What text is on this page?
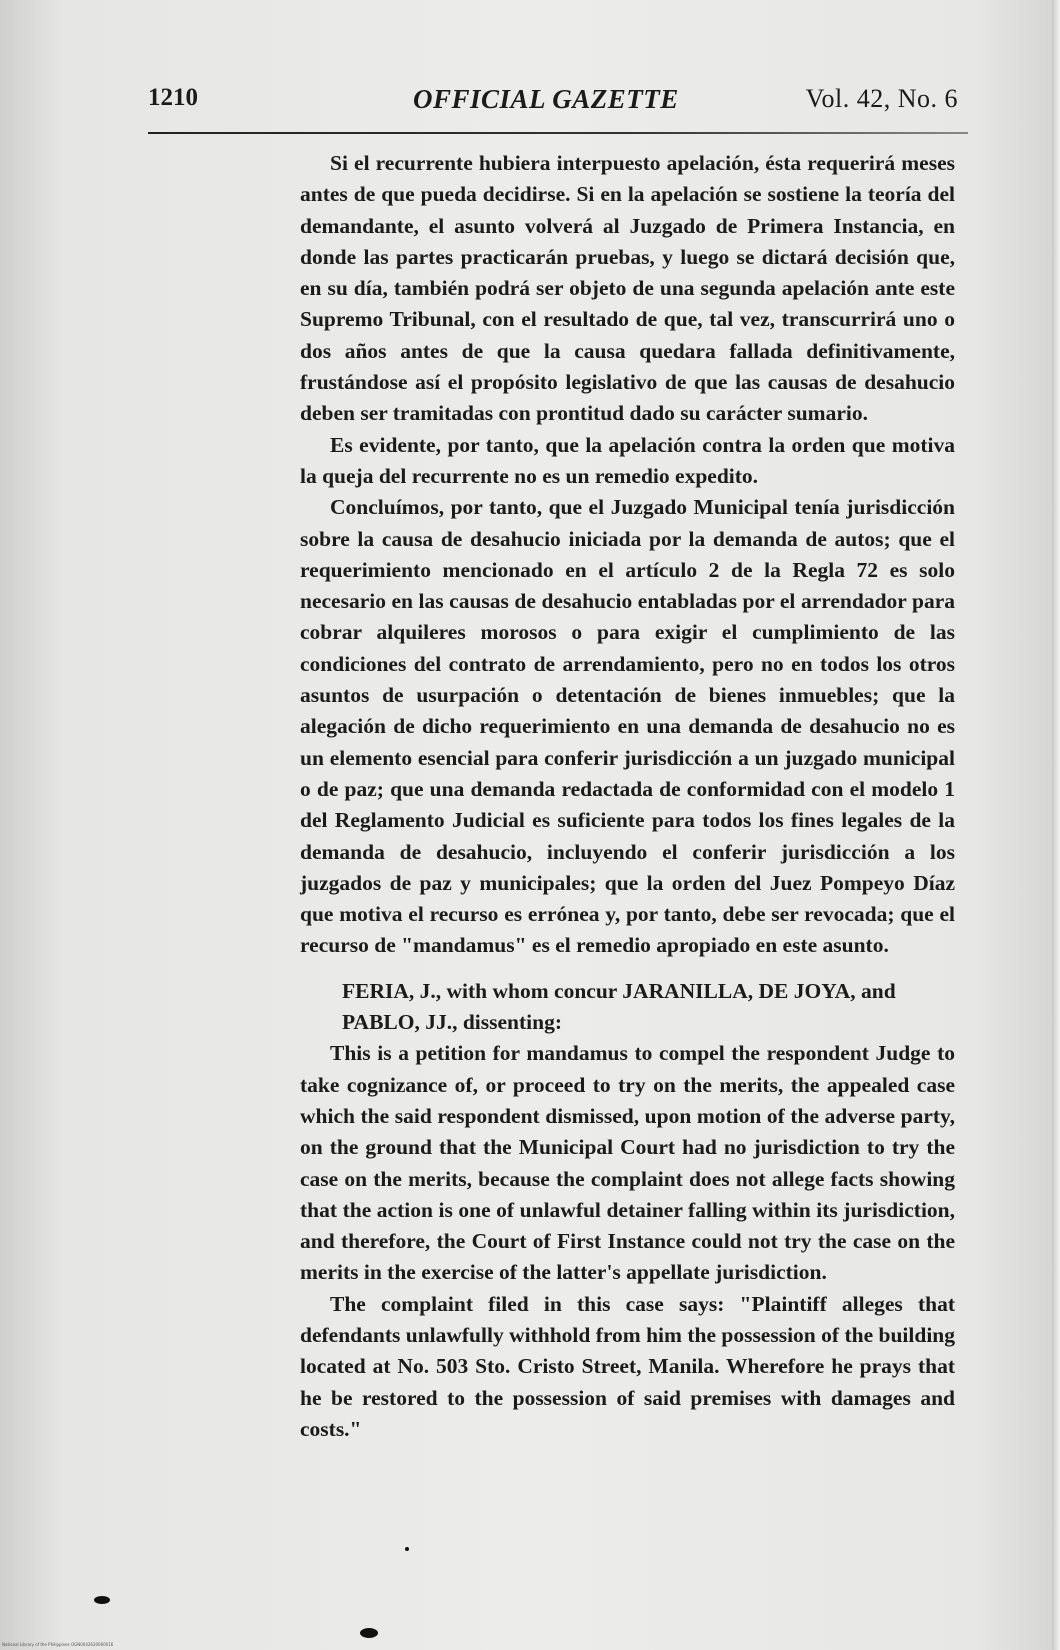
1210	OFFICIAL GAZETTE	Vol. 42, No. 6

Si el recurrente hubiera interpuesto apelación, ésta requerirá meses antes de que pueda decidirse. Si en la apelación se sostiene la teoría del demandante, el asunto volverá al Juzgado de Primera Instancia, en donde las partes practicarán pruebas, y luego se dictará decisión que, en su día, también podrá ser objeto de una segunda apelación ante este Supremo Tribunal, con el resultado de que, tal vez, transcurrirá uno o dos años antes de que la causa quedara fallada definitivamente, frustándose así el propósito legislativo de que las causas de desahucio deben ser tramitadas con prontitud dado su carácter sumario.

Es evidente, por tanto, que la apelación contra la orden que motiva la queja del recurrente no es un remedio expedito.

Concluímos, por tanto, que el Juzgado Municipal tenía jurisdicción sobre la causa de desahucio iniciada por la demanda de autos; que el requerimiento mencionado en el artículo 2 de la Regla 72 es solo necesario en las causas de desahucio entabladas por el arrendador para cobrar alquileres morosos o para exigir el cumplimiento de las condiciones del contrato de arrendamiento, pero no en todos los otros asuntos de usurpación o detentación de bienes inmuebles; que la alegación de dicho requerimiento en una demanda de desahucio no es un elemento esencial para conferir jurisdicción a un juzgado municipal o de paz; que una demanda redactada de conformidad con el modelo 1 del Reglamento Judicial es suficiente para todos los fines legales de la demanda de desahucio, incluyendo el conferir jurisdicción a los juzgados de paz y municipales; que la orden del Juez Pompeyo Díaz que motiva el recurso es errónea y, por tanto, debe ser revocada; que el recurso de "mandamus" es el remedio apropiado en este asunto.

FERIA, J., with whom concur JARANILLA, DE JOYA, and
PABLO, JJ., dissenting:

This is a petition for mandamus to compel the respondent Judge to take cognizance of, or proceed to try on the merits, the appealed case which the said respondent dismissed, upon motion of the adverse party, on the ground that the Municipal Court had no jurisdiction to try the case on the merits, because the complaint does not allege facts showing that the action is one of unlawful detainer falling within its jurisdiction, and therefore, the Court of First Instance could not try the case on the merits in the exercise of the latter's appellate jurisdiction.

The complaint filed in this case says: "Plaintiff alleges that defendants unlawfully withhold from him the possession of the building located at No. 503 Sto. Cristo Street, Manila. Wherefore he prays that he be restored to the possession of said premises with damages and costs."

National Library of the Philippines OGN0042620060016
